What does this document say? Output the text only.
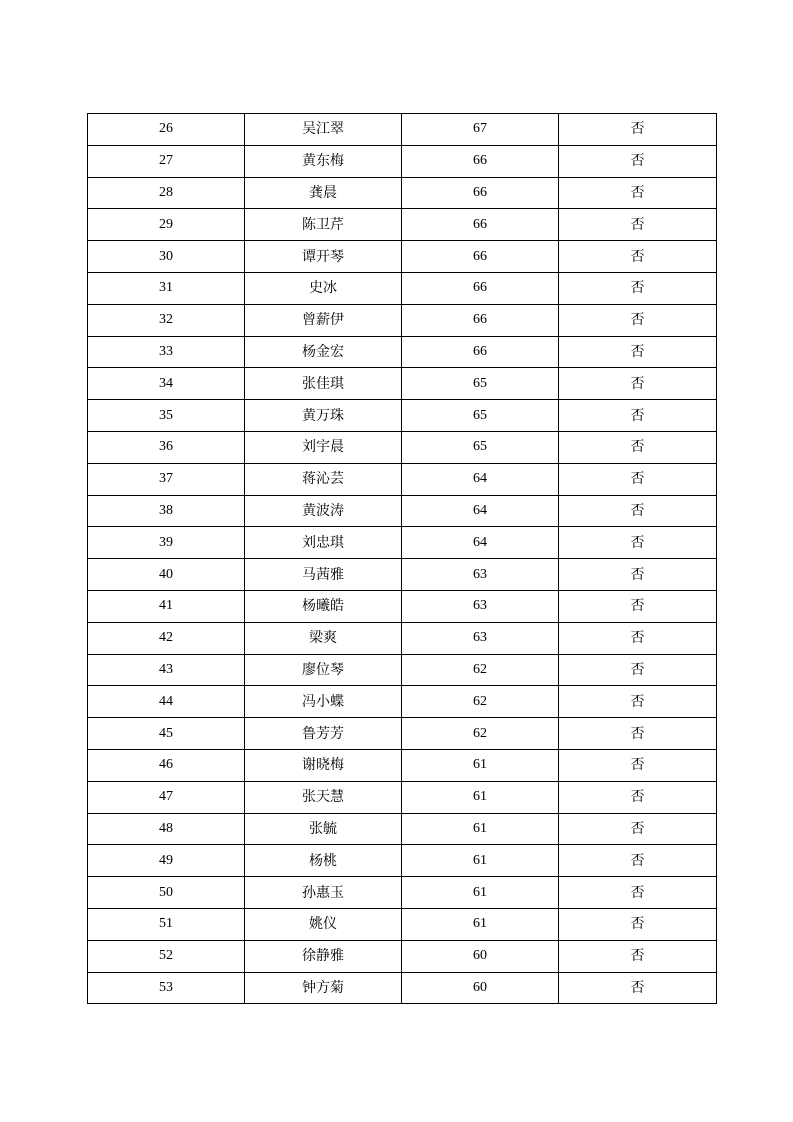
26	吴江翠	67	否
27	黄东梅	66	否
28	龚晨	66	否
29	陈卫芹	66	否
30	谭开琴	66	否
31	史冰	66	否
32	曾薪伊	66	否
33	杨金宏	66	否
34	张佳琪	65	否
35	黄万珠	65	否
36	刘宇晨	65	否
37	蒋沁芸	64	否
38	黄波涛	64	否
39	刘忠琪	64	否
40	马茜雅	63	否
41	杨曦皓	63	否
42	梁爽	63	否
43	廖位琴	62	否
44	冯小蝶	62	否
45	鲁芳芳	62	否
46	谢晓梅	61	否
47	张天慧	61	否
48	张毓	61	否
49	杨桃	61	否
50	孙惠玉	61	否
51	姚仪	61	否
52	徐静雅	60	否
53	钟方菊	60	否
